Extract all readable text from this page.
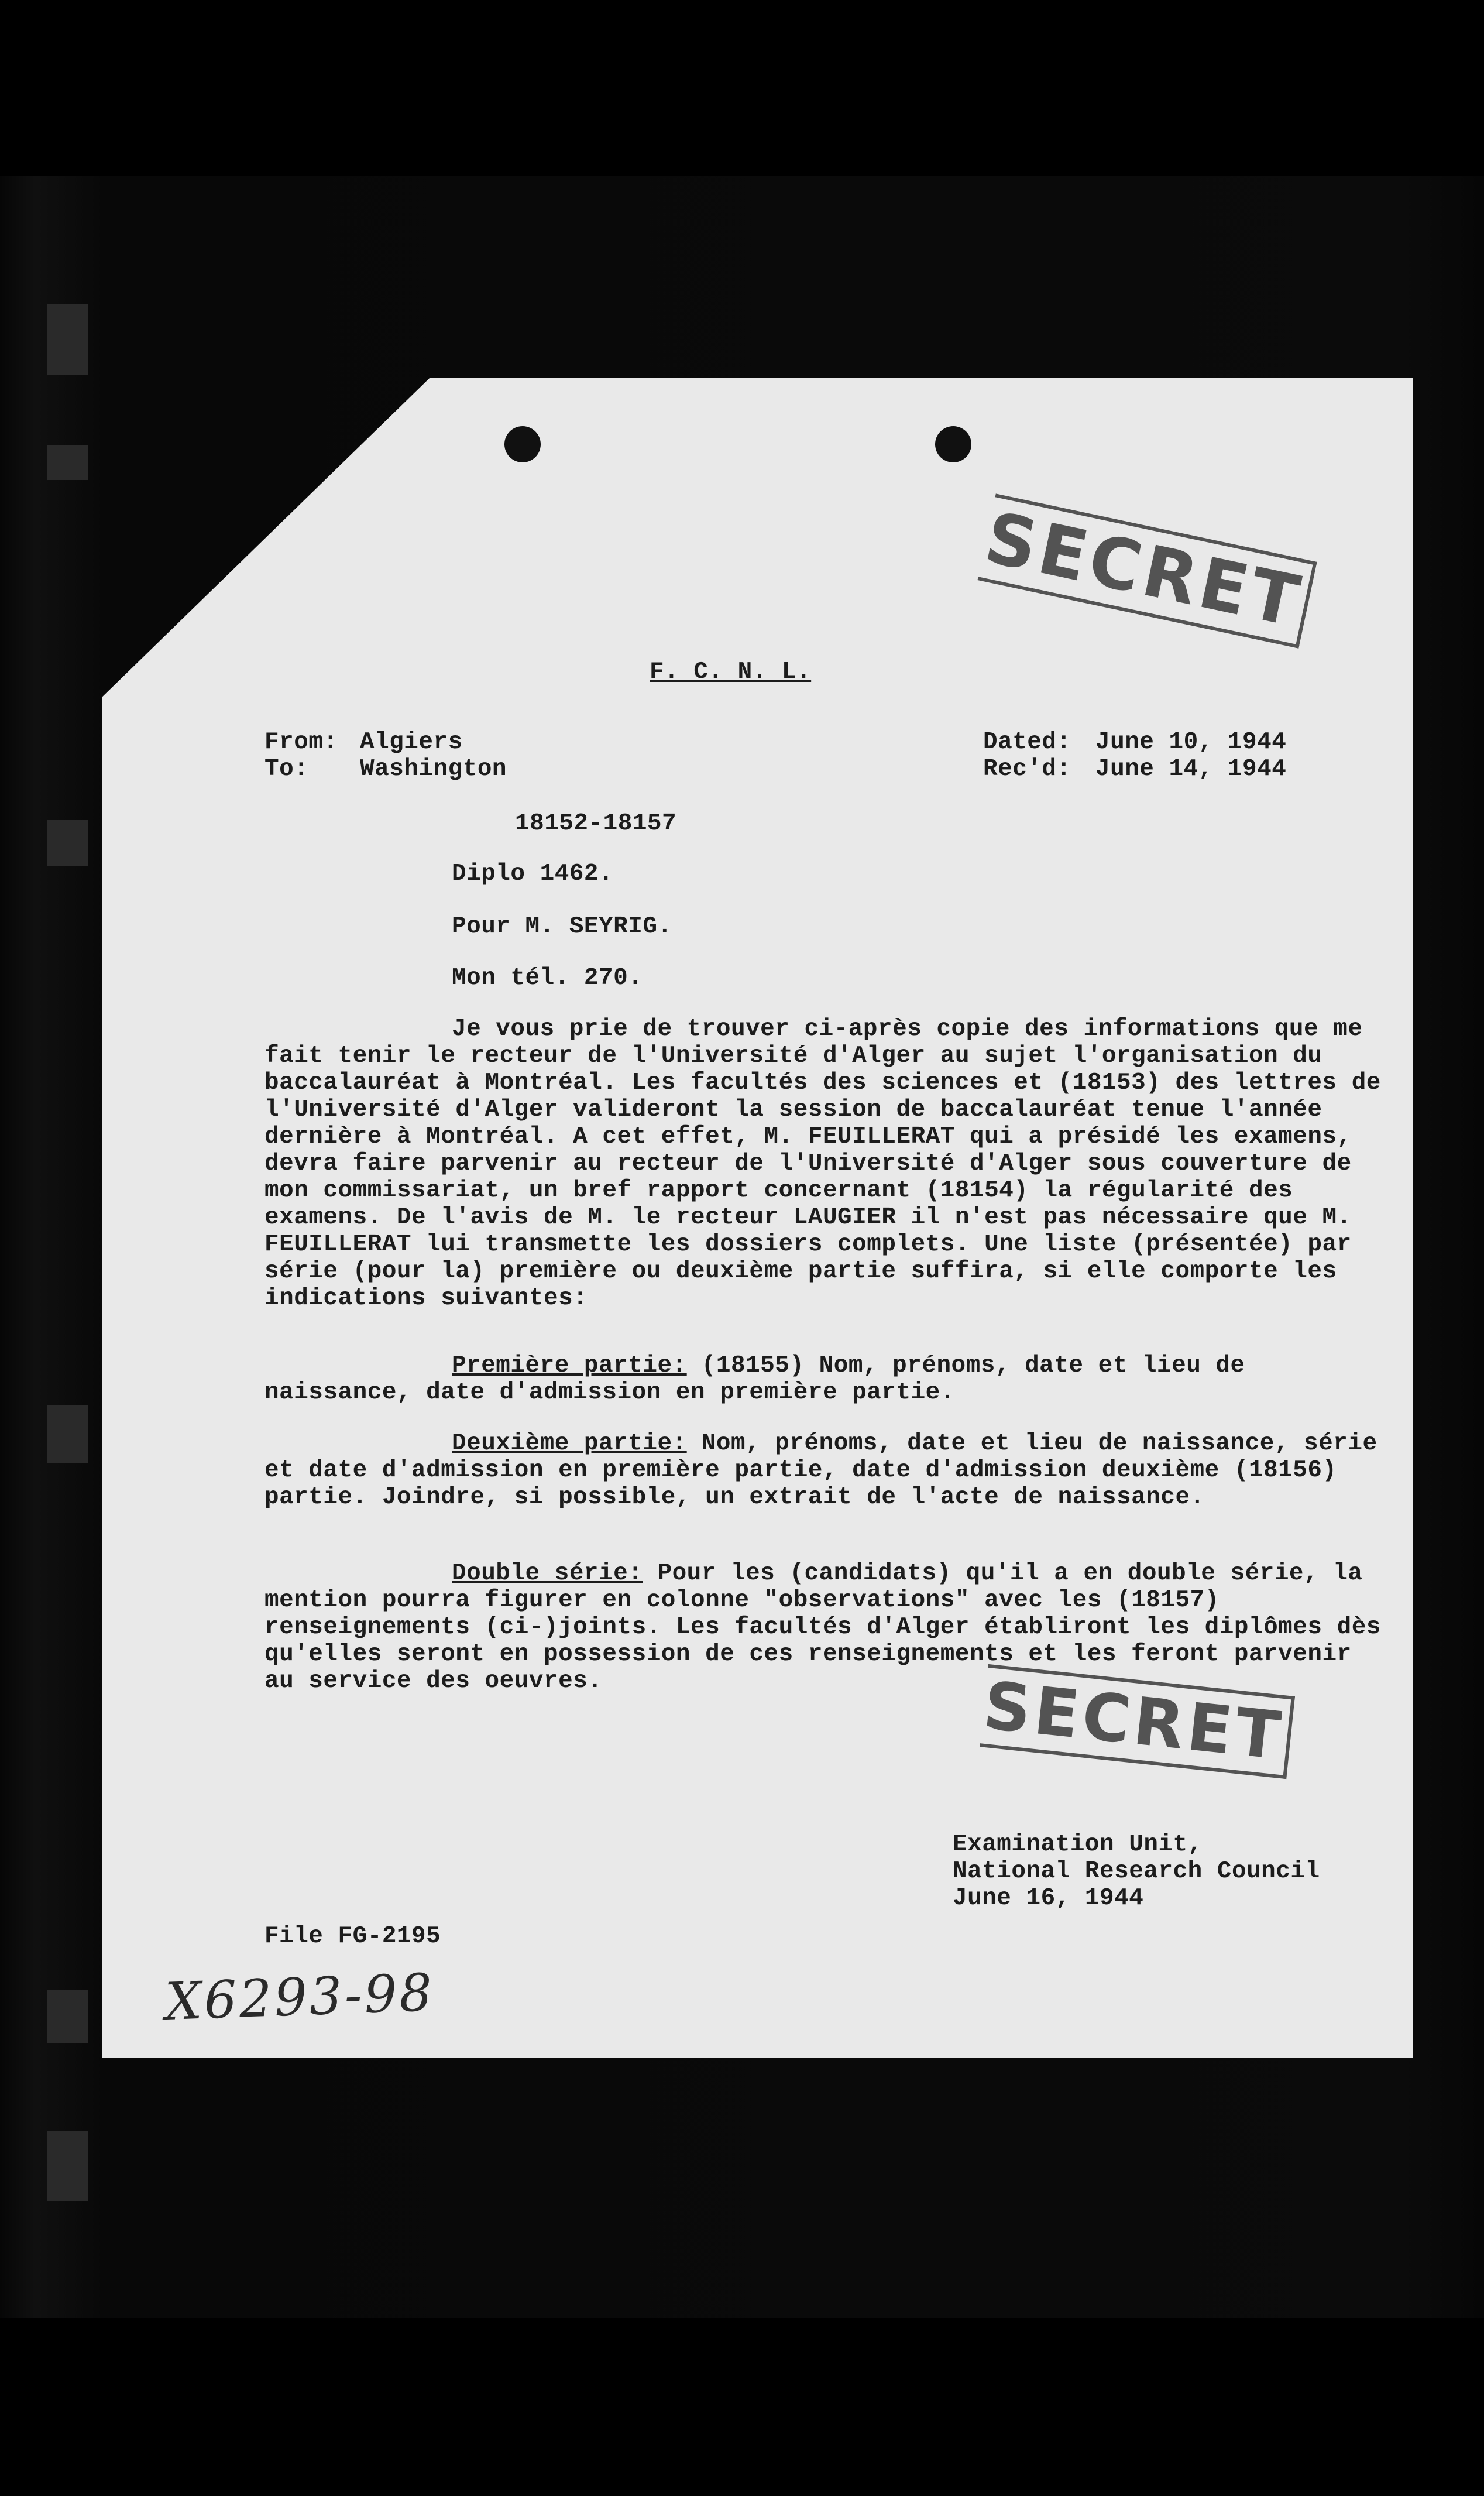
SECRET
F. C. N. L.
From: Algiers
To: Washington
Dated: June 10, 1944
Rec'd: June 14, 1944
18152-18157
Diplo 1462.
Pour M. SEYRIG.
Mon tél. 270.
Je vous prie de trouver ci-après copie des informations que me fait tenir le recteur de l'Université d'Alger au sujet l'organisation du baccalauréat à Montréal. Les facultés des sciences et (18153) des lettres de l'Université d'Alger valideront la session de baccalauréat tenue l'année dernière à Montréal. A cet effet, M. FEUILLERAT qui a présidé les examens, devra faire parvenir au recteur de l'Université d'Alger sous couverture de mon commissariat, un bref rapport concernant (18154) la régularité des examens. De l'avis de M. le recteur LAUGIER il n'est pas nécessaire que M. FEUILLERAT lui transmette les dossiers complets. Une liste (présentée) par série (pour la) première ou deuxième partie suffira, si elle comporte les indications suivantes:
Première partie: (18155) Nom, prénoms, date et lieu de naissance, date d'admission en première partie.
Deuxième partie: Nom, prénoms, date et lieu de naissance, série et date d'admission en première partie, date d'admission deuxième (18156) partie. Joindre, si possible, un extrait de l'acte de naissance.
Double série: Pour les (candidats) qu'il a en double série, la mention pourra figurer en colonne "observations" avec les (18157) renseignements (ci-)joints. Les facultés d'Alger établiront les diplômes dès qu'elles seront en possession de ces renseignements et les feront parvenir au service des oeuvres.	SECRET
Examination Unit,
National Research Council
June 16, 1944
File FG-2195
X6293-98
